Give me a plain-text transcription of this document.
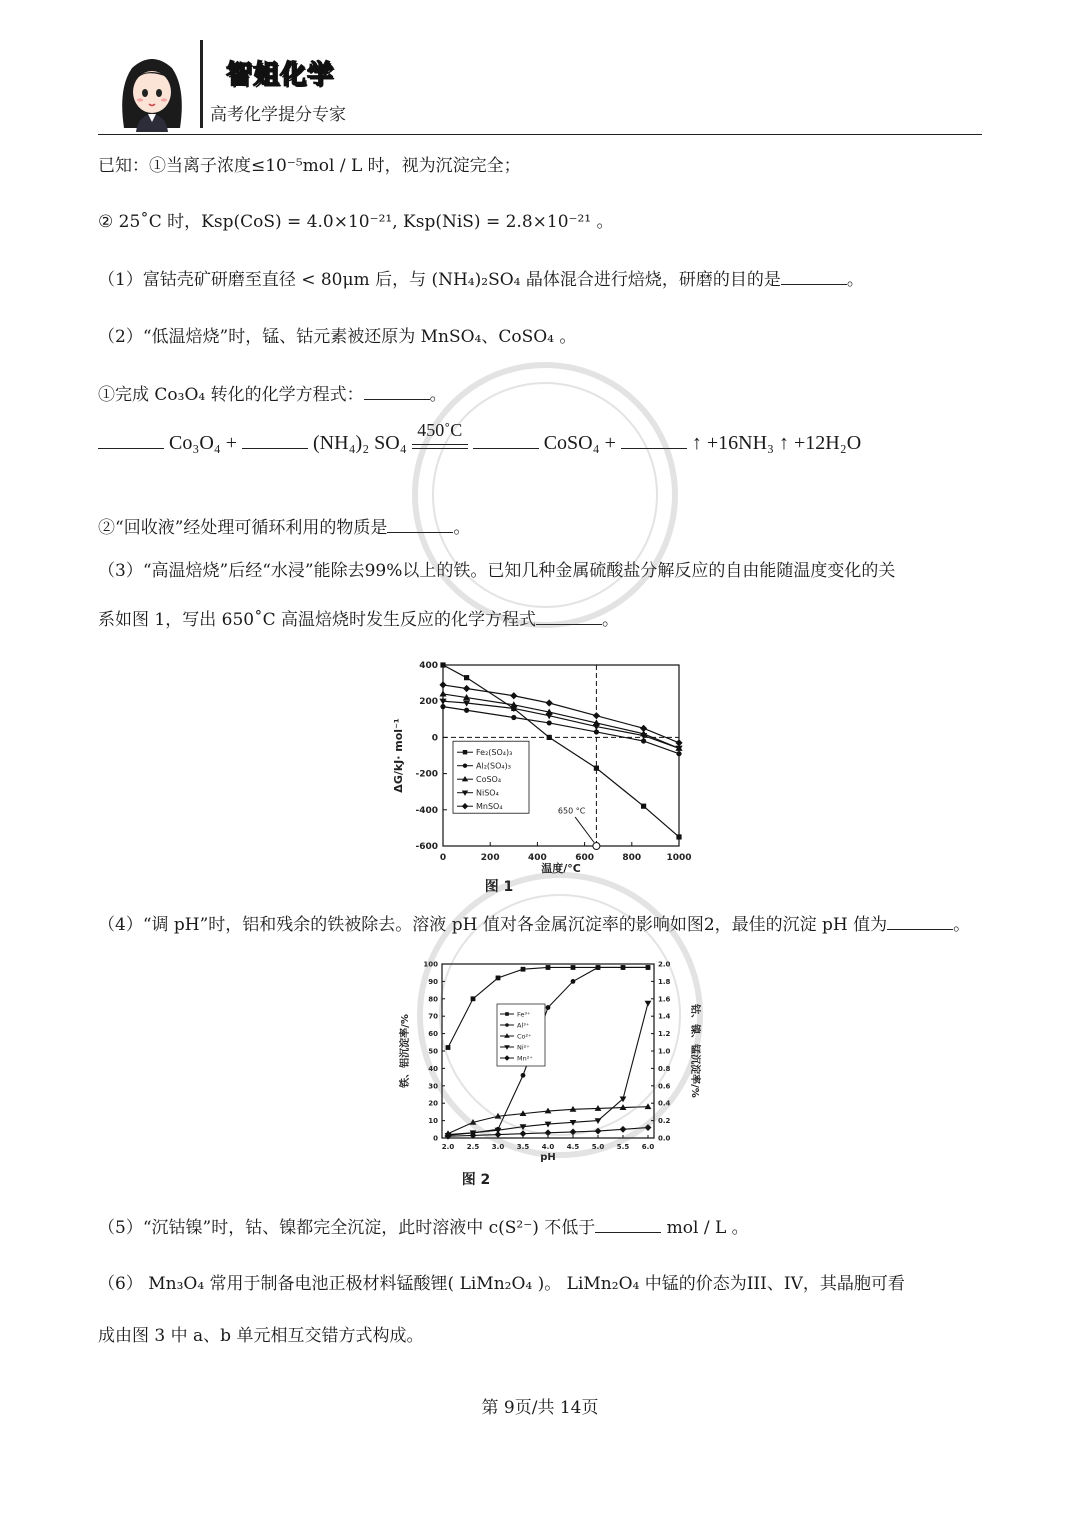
智姐化学
高考化学提分专家
已知：①当离子浓度≤10⁻⁵mol / L 时，视为沉淀完全；
② 25˚C 时，Ksp(CoS) = 4.0×10⁻²¹, Ksp(NiS) = 2.8×10⁻²¹ 。
（1）富钴壳矿研磨至直径 < 80μm 后，与 (NH₄)₂SO₄ 晶体混合进行焙烧，研磨的目的是	。
（2）“低温焙烧”时，锰、钴元素被还原为 MnSO₄、CoSO₄ 。
①完成 Co₃O₄ 转化的化学方程式：	。
Co₃O₄ +	(NH₄)₂ SO₄
450˚C
CoSO₄ +	↑ +16NH₃ ↑ +12H₂O
②“回收液”经处理可循环利用的物质是	。
（3）“高温焙烧”后经“水浸”能除去99%以上的铁。已知几种金属硫酸盐分解反应的自由能随温度变化的关
系如图 1，写出 650˚C 高温焙烧时发生反应的化学方程式	。
0	200	400	600	800	1000
-600
-400
-200
0
200
400
Fe₂(SO₄)₃
Al₂(SO₄)₃
CoSO₄
NiSO₄
MnSO₄	650 °C
温度/°C
ΔG/kJ· mol⁻¹
图 1
（4）“调 pH”时，铝和残余的铁被除去。溶液 pH 值对各金属沉淀率的影响如图2，最佳的沉淀 pH 值为	。
2.0 2.5 3.0 3.5 4.0 4.5 5.0 5.5 6.0
0
10
20
30
40
50
60
70
80
90
100
0.0
0.2
0.4
0.6
0.8
1.0
1.2
1.4
1.6
1.8
2.0
Fe³⁺
Al³⁺
Co²⁺
Ni²⁺
Mn²⁺
pH
铁、铝沉淀率/%	钴、镍、锰沉淀率/%
图 2
（5）“沉钴镍”时，钴、镍都完全沉淀，此时溶液中 c(S²⁻) 不低于	mol / L 。
（6） Mn₃O₄ 常用于制备电池正极材料锰酸锂( LiMn₂O₄ )。 LiMn₂O₄ 中锰的价态为III、IV，其晶胞可看
成由图 3 中 a、b 单元相互交错方式构成。
第 9页/共 14页
